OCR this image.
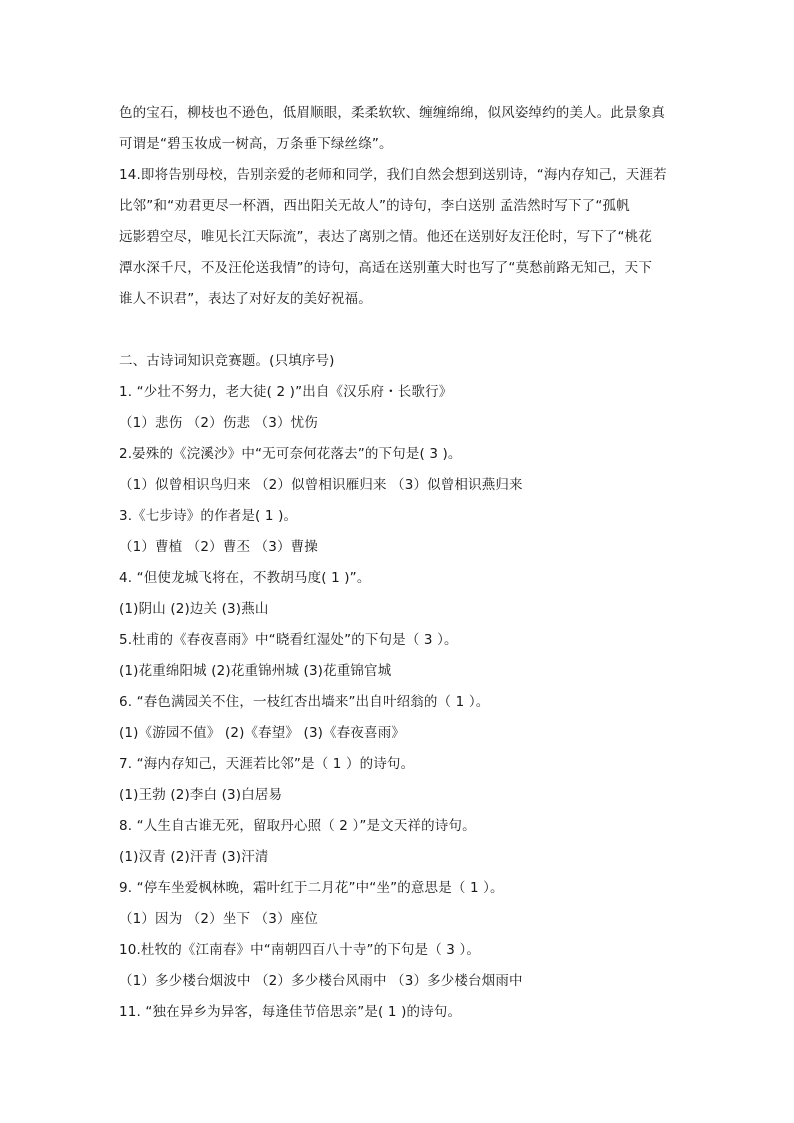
色的宝石，柳枝也不逊色，低眉顺眼，柔柔软软、缠缠绵绵，似风姿绰约的美人。此景象真
可谓是“碧玉妆成一树高，万条垂下绿丝绦”。
14.即将告别母校，告别亲爱的老师和同学，我们自然会想到送别诗，“海内存知己，天涯若
比邻”和“劝君更尽一杯酒，西出阳关无故人”的诗句，李白送别 孟浩然时写下了“孤帆
远影碧空尽，唯见长江天际流”，表达了离别之情。他还在送别好友汪伦时，写下了“桃花
潭水深千尺，不及汪伦送我情”的诗句，高适在送别董大时也写了“莫愁前路无知己，天下
谁人不识君”，表达了对好友的美好祝福。
二、古诗词知识竞赛题。(只填序号)
1. “少壮不努力，老大徒( 2 )”出自《汉乐府・长歌行》
（1）悲伤 （2）伤悲 （3）忧伤
2.晏殊的《浣溪沙》中“无可奈何花落去”的下句是( 3 )。
（1）似曾相识鸟归来 （2）似曾相识雁归来 （3）似曾相识燕归来
3.《七步诗》的作者是( 1 )。
（1）曹植 （2）曹丕 （3）曹操
4. “但使龙城飞将在，不教胡马度( 1 )”。
(1)阴山 (2)边关 (3)燕山
5.杜甫的《春夜喜雨》中“晓看红湿处”的下句是（ 3 ）。
(1)花重绵阳城 (2)花重锦州城 (3)花重锦官城
6. “春色满园关不住，一枝红杏出墙来”出自叶绍翁的（ 1 ）。
(1)《游园不值》 (2)《春望》 (3)《春夜喜雨》
7. “海内存知己，天涯若比邻”是（ 1 ）的诗句。
(1)王勃 (2)李白 (3)白居易
8. “人生自古谁无死，留取丹心照（ 2 ）”是文天祥的诗句。
(1)汉青 (2)汗青 (3)汗清
9. “停车坐爱枫林晚，霜叶红于二月花”中“坐”的意思是（ 1 ）。
（1）因为 （2）坐下 （3）座位
10.杜牧的《江南春》中“南朝四百八十寺”的下句是（ 3 ）。
（1）多少楼台烟波中 （2）多少楼台风雨中 （3）多少楼台烟雨中
11. “独在异乡为异客，每逢佳节倍思亲”是( 1 )的诗句。
